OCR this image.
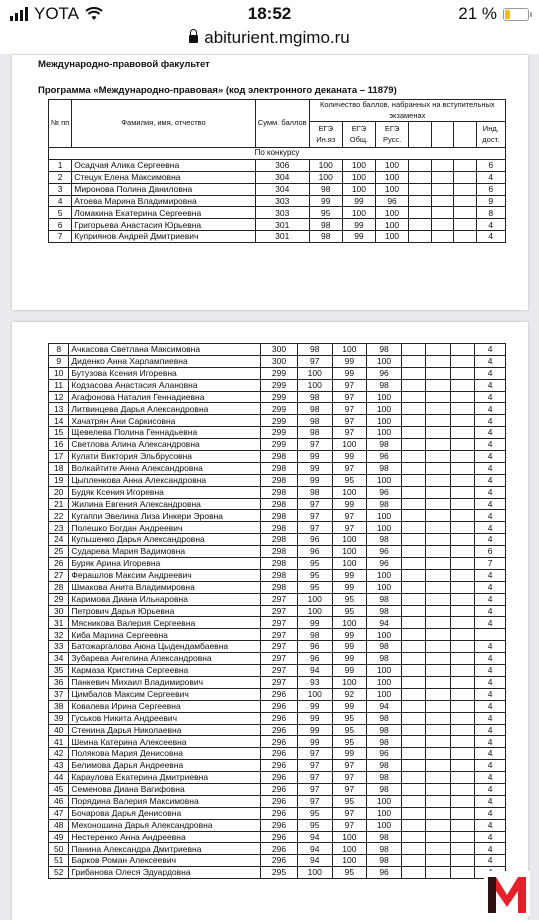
YOTA	18:52	21 %
abiturient.mgimo.ru
Международно-правовой факультет
Программа «Международно-правовая» (код электронного деканата – 11879)
№ пп	Фамилия, имя, отчество	Сумм. баллов	Количество баллов, набранных на вступительных экзаменах						
			ЕГЭ Ин.яз	ЕГЭ Общ.	ЕГЭ Русс.				Инд. дост.
По конкурсу									
1	Осадчая Алика Сергеевна	306	100	100	100				6
2	Стецук Елена Максимовна	304	100	100	100				4
3	Миронова Полина Даниловна	304	98	100	100				6
4	Атоева Марина Владимировна	303	99	99	96				9
5	Ломакина Екатерина Сергеевна	303	95	100	100				8
6	Григорьева Анастасия Юрьевна	301	98	99	100				4
7	Куприянов Андрей Дмитриевич	301	98	99	100				4
8	Ачкасова Светлана Максимовна	300	98	100	98				4
9	Диденко Анна Харлампиевна	300	97	99	100				4
10	Бутузова Ксения Игоревна	299	100	99	96				4
11	Кодзасова Анастасия Алановна	299	100	97	98				4
12	Агафонова Наталия Геннадиевна	299	98	97	100				4
13	Литвинцева Дарья Александровна	299	98	97	100				4
14	Хачатрян Ани Саркисовна	299	98	97	100				4
15	Щевелева Полина Геннадьевна	299	98	97	100				4
16	Светлова Алина Александровна	299	97	100	98				4
17	Кулати Виктория Эльбрусовна	298	99	99	96				4
18	Волкайтите Анна Александровна	298	99	97	98				4
19	Цыпленкова Анна Александровна	298	99	95	100				4
20	Будяк Ксения Игоревна	298	98	100	96				4
21	Жилина Евгения Александровна	298	97	99	98				4
22	Кугаппи Эвелина Лиза Инкери Эровна	298	97	97	100				4
23	Полешко Богдан Андреевич	298	97	97	100				4
24	Кульшенко Дарья Александровна	298	96	100	98				4
25	Сударева Мария Вадимовна	298	96	100	96				6
26	Буряк Арина Игоревна	298	95	100	96				7
27	Ферашлов Максим Андреевич	298	95	99	100				4
28	Шмакова Анита Владимировна	298	95	99	100				4
29	Каримова Диана Ильнаровна	297	100	95	98				4
30	Петрович Дарья Юрьевна	297	100	95	98				4
31	Мясникова Валерия Сергеевна	297	99	100	94				4
32	Киба Марина Сергеевна	297	98	99	100				
33	Батожаргалова Аюна Цыдендамбаевна	297	96	99	98				4
34	Зубарева Ангелина Александровна	297	96	99	98				4
35	Кармаза Кристина Сергеевна	297	94	99	100				4
36	Панкевич Михаил Владимирович	297	93	100	100				4
37	Цимбалов Максим Сергеевич	296	100	92	100				4
38	Ковалева Ирина Сергеевна	296	99	99	94				4
39	Гуськов Никита Андреевич	296	99	95	98				4
40	Стенина Дарья Николаевна	296	99	95	98				4
41	Шеина Катерина Алексеевна	296	99	95	98				4
42	Полякова Мария Денисовна	296	97	99	96				4
43	Белимова Дарья Андреевна	296	97	97	98				4
44	Караулова Екатерина Дмитриевна	296	97	97	98				4
45	Семенова Диана Вагифовна	296	97	97	98				4
46	Порядина Валерия Максимовна	296	97	95	100				4
47	Бочарова Дарья Денисовна	296	95	97	100				4
48	Мехоношина Дарья Александровна	296	95	97	100				4
49	Нестеренко Анна Андреевна	296	94	100	98				4
50	Панина Александра Дмитриевна	296	94	100	98				4
51	Барков Роман Алексеевич	296	94	100	98				4
52	Грибанова Олеся Эдуардовна	295	100	95	96				
